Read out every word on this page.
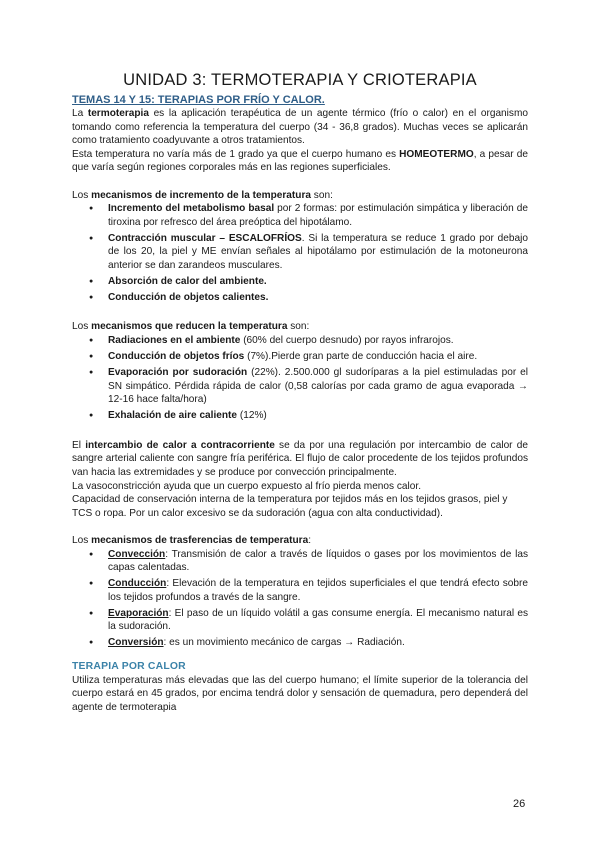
UNIDAD 3: TERMOTERAPIA Y CRIOTERAPIA
TEMAS 14 Y 15: TERAPIAS POR FRÍO Y CALOR.

La termoterapia es la aplicación terapéutica de un agente térmico (frío o calor) en el organismo tomando como referencia la temperatura del cuerpo (34 - 36,8 grados). Muchas veces se aplicarán como tratamiento coadyuvante a otros tratamientos.

Esta temperatura no varía más de 1 grado ya que el cuerpo humano es HOMEOTERMO, a pesar de que varía según regiones corporales más en las regiones superficiales.

Los mecanismos de incremento de la temperatura son:

● Incremento del metabolismo basal por 2 formas: por estimulación simpática y liberación de tiroxina por refresco del área preóptica del hipotálamo.
● Contracción muscular – ESCALOFRÍOS. Si la temperatura se reduce 1 grado por debajo de los 20, la piel y ME envían señales al hipotálamo por estimulación de la motoneurona anterior se dan zarandeos musculares.
● Absorción de calor del ambiente.
● Conducción de objetos calientes.

Los mecanismos que reducen la temperatura son:

● Radiaciones en el ambiente (60% del cuerpo desnudo) por rayos infrarojos.
● Conducción de objetos fríos (7%).Pierde gran parte de conducción hacia el aire.
● Evaporación por sudoración (22%). 2.500.000 gl sudoríparas a la piel estimuladas por el SN simpático. Pérdida rápida de calor (0,58 calorías por cada gramo de agua evaporada → 12-16 hace falta/hora)
● Exhalación de aire caliente (12%)

El intercambio de calor a contracorriente se da por una regulación por intercambio de calor de sangre arterial caliente con sangre fría periférica. El flujo de calor procedente de los tejidos profundos van hacia las extremidades y se produce por convección principalmente.

La vasoconstricción ayuda que un cuerpo expuesto al frío pierda menos calor.

Capacidad de conservación interna de la temperatura por tejidos más en los tejidos grasos, piel y TCS o ropa. Por un calor excesivo se da sudoración (agua con alta conductividad).

Los mecanismos de trasferencias de temperatura:

● Convección: Transmisión de calor a través de líquidos o gases por los movimientos de las capas calentadas.
● Conducción: Elevación de la temperatura en tejidos superficiales el que tendrá efecto sobre los tejidos profundos a través de la sangre.
● Evaporación: El paso de un líquido volátil a gas consume energía. El mecanismo natural es la sudoración.
● Conversión: es un movimiento mecánico de cargas → Radiación.
TERAPIA POR CALOR

Utiliza temperaturas más elevadas que las del cuerpo humano; el límite superior de la tolerancia del cuerpo estará en 45 grados, por encima tendrá dolor y sensación de quemadura, pero dependerá del agente de termoterapia

26
